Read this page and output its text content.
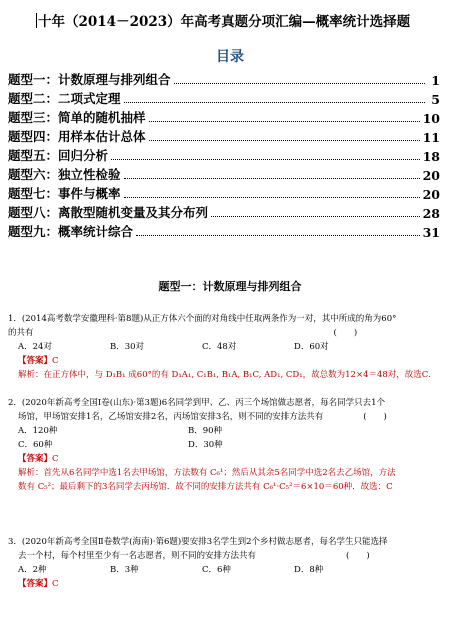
十年（2014－2023）年高考真题分项汇编—概率统计选择题
目录
题型一：计数原理与排列组合	1
题型二：二项式定理	5
题型三：简单的随机抽样	10
题型四：用样本估计总体	11
题型五：回归分析	18
题型六：独立性检验	20
题型七：事件与概率	20
题型八：离散型随机变量及其分布列	28
题型九：概率统计综合	31
题型一：计数原理与排列组合
1．(2014高考数学安徽理科·第8题)从正方体六个面的对角线中任取两条作为一对，其中所成的角为60°
的共有	(　　)
A．24对	B．30对	C．48对	D．60对
【答案】C
解析：在正方体中，与 D₁B₁ 成60°的有 D₁A₁, C₁B₁, B₁A, B₁C, AD₁, CD₁，故总数为12×4＝48对，故选C.
2．(2020年新高考全国Ⅰ卷(山东)·第3题)6名同学到甲、乙、丙三个场馆做志愿者，每名同学只去1个
场馆，甲场馆安排1名，乙场馆安排2名，丙场馆安排3名，则不同的安排方法共有	(　　)
A．120种	B．90种
C．60种	D．30种
【答案】C
解析：首先从6名同学中选1名去甲场馆，方法数有 C₆¹；然后从其余5名同学中选2名去乙场馆，方法
数有 C₅²；最后剩下的3名同学去丙场馆．故不同的安排方法共有 C₆¹·C₅²＝6×10＝60种．故选：C
3．(2020年新高考全国Ⅱ卷数学(海南)·第6题)要安排3名学生到2个乡村做志愿者，每名学生只能选择
去一个村，每个村里至少有一名志愿者，则不同的安排方法共有	(　　)
A．2种	B．3种	C．6种	D．8种
【答案】C
